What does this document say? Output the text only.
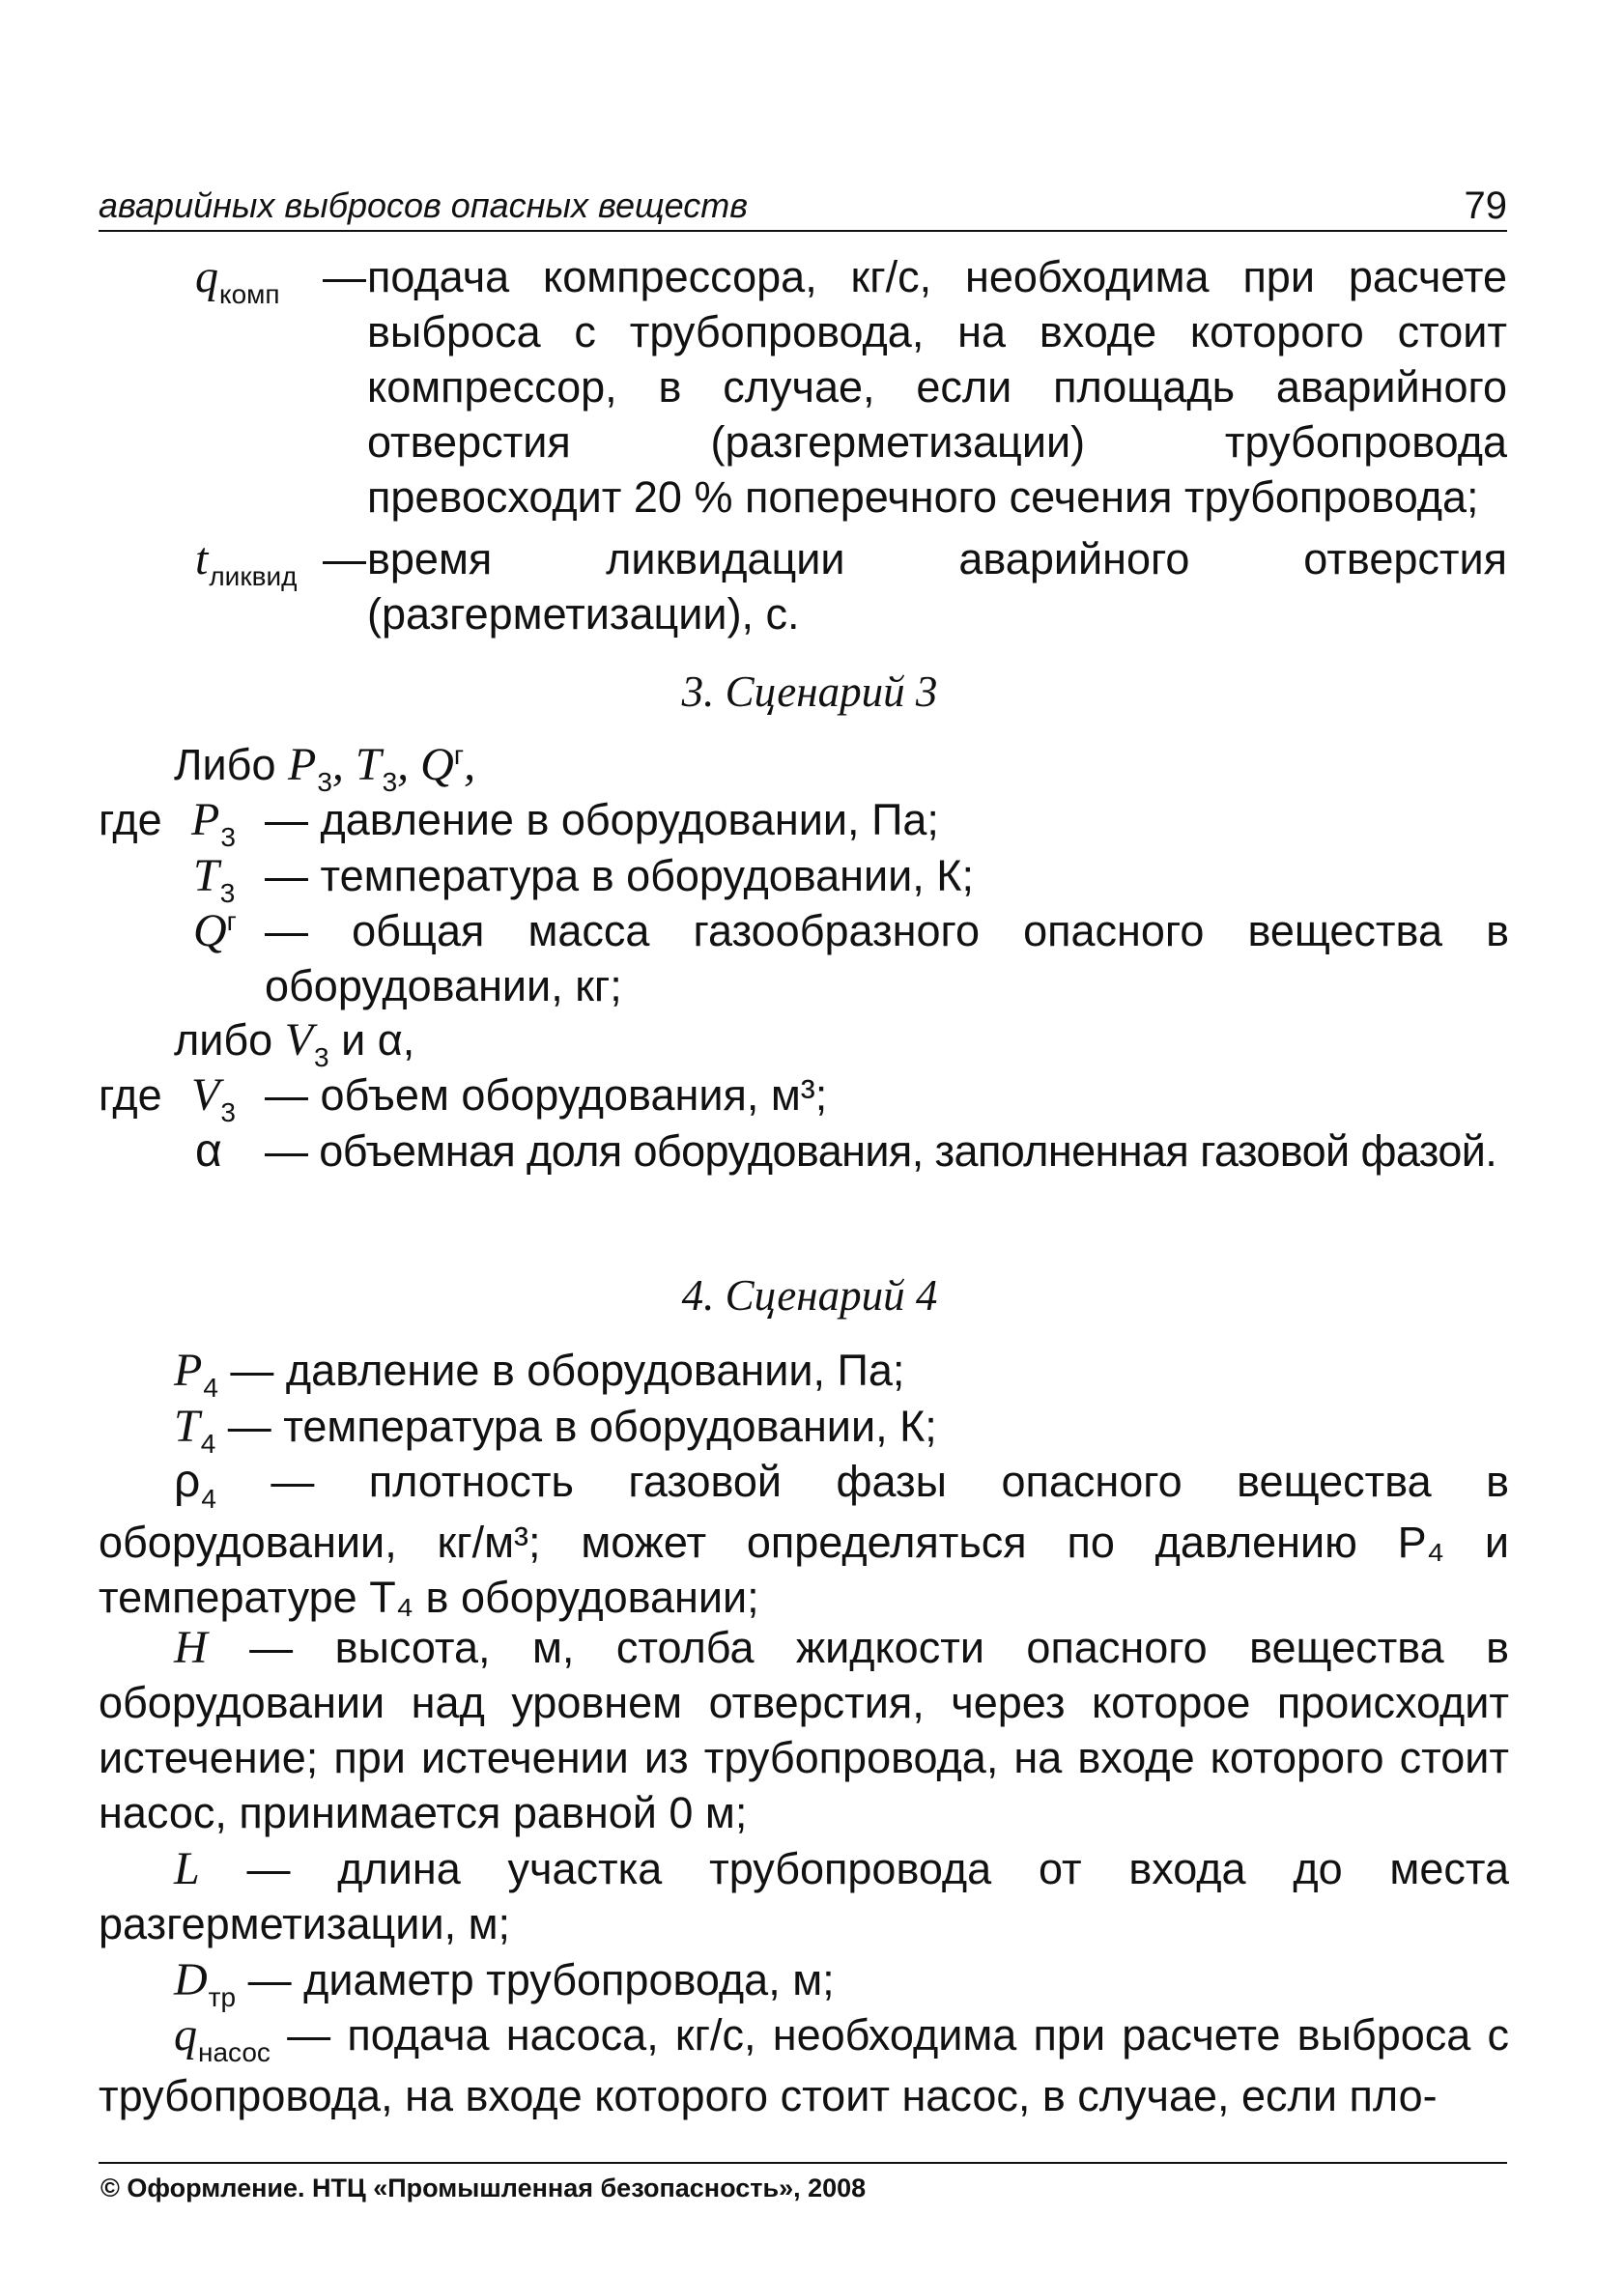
аварийных выбросов опасных веществ	79
$q_{комп}$ — подача компрессора, кг/с, необходима при расчете выброса с трубопровода, на входе которого стоит компрессор, в случае, если площадь аварийного отверстия (разгерметизации) трубопровода превосходит 20 % поперечного сечения трубопровода;
$t_{ликвид}$ — время ликвидации аварийного отверстия (разгерметизации), с.
3. Сценарий 3
Либо $P_3$, $T_3$, $Q^г$,
где $P_3$ — давление в оборудовании, Па;
$T_3$ — температура в оборудовании, К;
$Q^г$ — общая масса газообразного опасного вещества в оборудовании, кг;
либо $V_3$ и α,
где $V_3$ — объем оборудования, м³;
α — объемная доля оборудования, заполненная газовой фазой.
4. Сценарий 4
$P_4$ — давление в оборудовании, Па;
$T_4$ — температура в оборудовании, К;
$\rho_4$ — плотность газовой фазы опасного вещества в оборудовании, кг/м³; может определяться по давлению P₄ и температуре T₄ в оборудовании;
H — высота, м, столба жидкости опасного вещества в оборудовании над уровнем отверстия, через которое происходит истечение; при истечении из трубопровода, на входе которого стоит насос, принимается равной 0 м;
L — длина участка трубопровода от входа до места разгерметизации, м;
$D_{тр}$ — диаметр трубопровода, м;
$q_{насос}$ — подача насоса, кг/с, необходима при расчете выброса с трубопровода, на входе которого стоит насос, в случае, если пло-
© Оформление. НТЦ «Промышленная безопасность», 2008
